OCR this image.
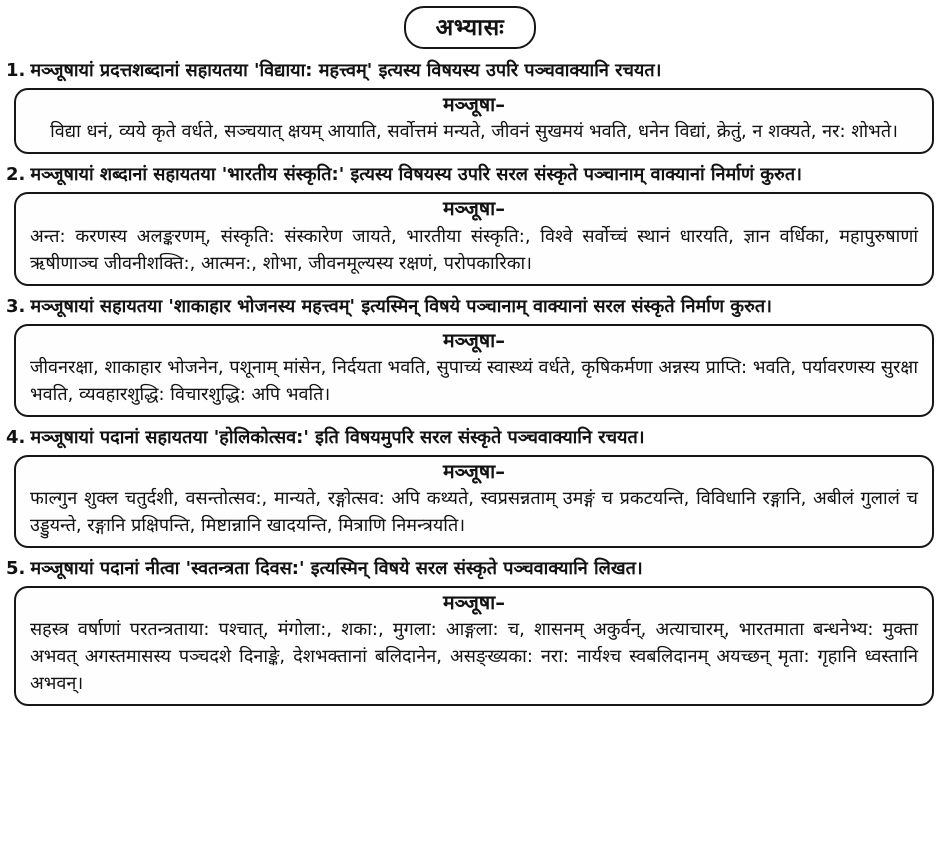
अभ्यासः
1. मञ्जूषायां प्रदत्तशब्दानां सहायतया 'विद्याया: महत्त्वम्' इत्यस्य विषयस्य उपरि पञ्चवाक्यानि रचयत।
मञ्जूषा–

विद्या धनं, व्यये कृते वर्धते, सञ्चयात् क्षयम् आयाति, सर्वोत्तमं मन्यते, जीवनं सुखमयं भवति, धनेन विद्यां, क्रेतुं, न शक्यते, नर: शोभते।

2. मञ्जूषायां शब्दानां सहायतया 'भारतीय संस्कृति:' इत्यस्य विषयस्य उपरि सरल संस्कृते पञ्चानाम् वाक्यानां निर्माणं कुरुत।
मञ्जूषा–

अन्त: करणस्य अलङ्करणम्, संस्कृति: संस्कारेण जायते, भारतीया संस्कृति:, विश्वे सर्वोच्चं स्थानं धारयति, ज्ञान वर्धिका, महापुरुषाणां ऋषीणाञ्च जीवनीशक्ति:, आत्मन:, शोभा, जीवनमूल्यस्य रक्षणं, परोपकारिका।

3. मञ्जूषायां सहायतया 'शाकाहार भोजनस्य महत्त्वम्' इत्यस्मिन् विषये पञ्चानाम् वाक्यानां सरल संस्कृते निर्माण कुरुत।
मञ्जूषा–

जीवनरक्षा, शाकाहार भोजनेन, पशूनाम् मांसेन, निर्दयता भवति, सुपाच्यं स्वास्थ्यं वर्धते, कृषिकर्मणा अन्नस्य प्राप्ति: भवति, पर्यावरणस्य सुरक्षा भवति, व्यवहारशुद्धि: विचारशुद्धि: अपि भवति।

4. मञ्जूषायां पदानां सहायतया 'होलिकोत्सव:' इति विषयमुपरि सरल संस्कृते पञ्चवाक्यानि रचयत।
मञ्जूषा–

फाल्गुन शुक्ल चतुर्दशी, वसन्तोत्सव:, मान्यते, रङ्गोत्सव: अपि कथ्यते, स्वप्रसन्नताम् उमङ्गं च प्रकटयन्ति, विविधानि रङ्गानि, अबीलं गुलालं च उड्डुयन्ते, रङ्गानि प्रक्षिपन्ति, मिष्टान्नानि खादयन्ति, मित्राणि निमन्त्रयति।

5. मञ्जूषायां पदानां नीत्वा 'स्वतन्त्रता दिवस:' इत्यस्मिन् विषये सरल संस्कृते पञ्चवाक्यानि लिखत।
मञ्जूषा–

सहस्त्र वर्षाणां परतन्त्रताया: पश्चात्, मंगोला:, शका:, मुगला: आङ्गला: च, शासनम् अकुर्वन्, अत्याचारम्, भारतमाता बन्धनेभ्य: मुक्ता अभवत् अगस्तमासस्य पञ्चदशे दिनाङ्के, देशभक्तानां बलिदानेन, असङ्ख्यका: नरा: नार्यश्च स्वबलिदानम् अयच्छन् मृता: गृहानि ध्वस्तानि अभवन्।
